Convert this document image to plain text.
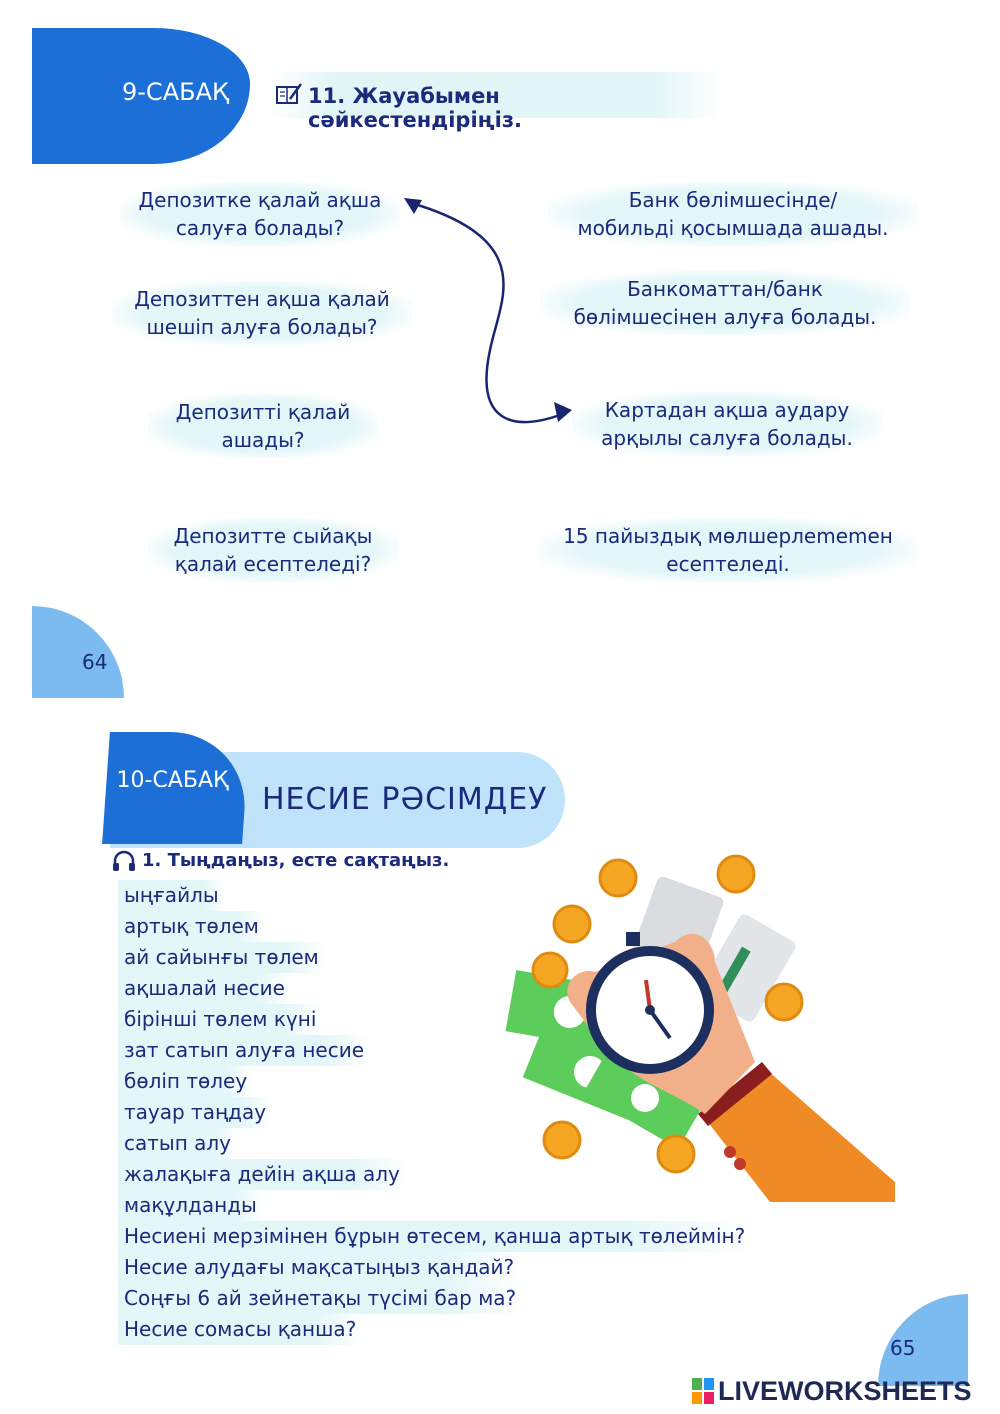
9-САБАҚ	11. Жауабымен сәйкестендіріңіз.
Депозитке қалай ақша
салуға болады?
Депозиттен ақша қалай
шешіп алуға болады?
Депозитті қалай
ашады?
Депозитте сыйақы
қалай есептеледі?
Банк бөлімшесінде/
мобильді қосымшада ашады.
Банкоматтан/банк
бөлімшесінен алуға болады.
Картадан ақша аудару
арқылы салуға болады.
15 пайыздық мөлшерлememен
есептеледі.
64
10-САБАҚ
НЕСИЕ РӘСІМДЕУ
1. Тыңдаңыз, есте сақтаңыз.
ыңғайлы
артық төлем
ай сайынғы төлем
ақшалай несие
бірінші төлем күні
зат сатып алуға несие
бөліп төлеу
тауар таңдау
сатып алу
жалақыға дейін ақша алу
мақұлданды
Несиені мерзімінен бұрын өтесем, қанша артық төлеймін?
Несие алудағы мақсатыңыз қандай?
Соңғы 6 ай зейнетақы түсімі бар ма?
Несие сомасы қанша?
65
LIVEWORKSHEETS
